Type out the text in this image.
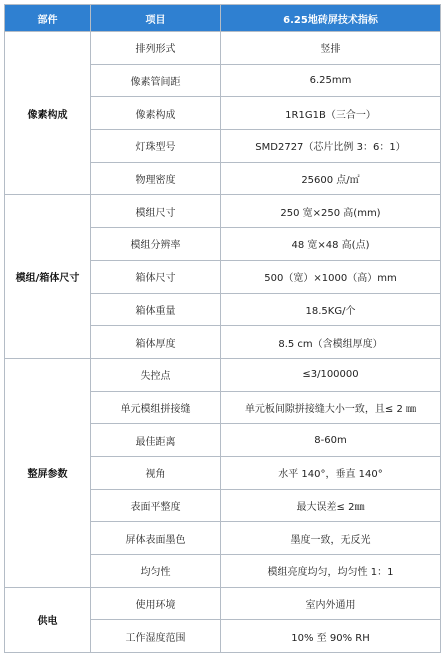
部件	项目	6.25地砖屏技术指标
像素构成	排列形式	竖排
	像素管间距	6.25mm
	像素构成	1R1G1B（三合一）
	灯珠型号	SMD2727（芯片比例 3：6：1）
	物理密度	25600 点/㎡
模组/箱体尺寸	模组尺寸	250 宽×250 高(mm)
	模组分辨率	48 宽×48 高(点)
	箱体尺寸	500（宽）×1000（高）mm
	箱体重量	18.5KG/个
	箱体厚度	8.5 cm（含模组厚度）
整屏参数	失控点	≤3/100000
	单元模组拼接缝	单元板间隙拼接缝大小一致，且≤ 2 ㎜
	最佳距离	8-60m
	视角	水平 140°，垂直 140°
	表面平整度	最大误差≤ 2㎜
	屏体表面墨色	墨度一致，无反光
	均匀性	模组亮度均匀，均匀性 1：1
供电	使用环境	室内外通用
	工作湿度范围	10% 至 90% RH
